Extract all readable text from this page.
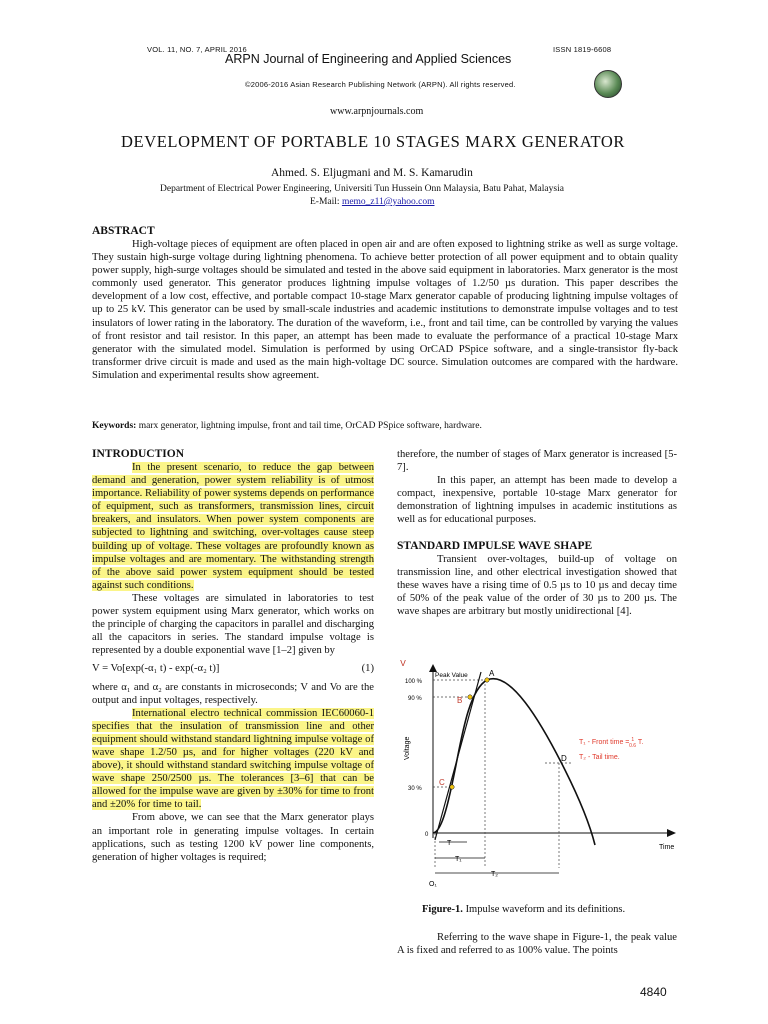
VOL. 11, NO. 7, APRIL 2016	ISSN 1819-6608
ARPN Journal of Engineering and Applied Sciences
©2006-2016 Asian Research Publishing Network (ARPN). All rights reserved.
www.arpnjournals.com
DEVELOPMENT OF PORTABLE 10 STAGES MARX GENERATOR
Ahmed. S. Eljugmani and M. S. Kamarudin
Department of Electrical Power Engineering, Universiti Tun Hussein Onn Malaysia, Batu Pahat, Malaysia
E-Mail: memo_z11@yahoo.com
ABSTRACT

High-voltage pieces of equipment are often placed in open air and are often exposed to lightning strike as well as surge voltage. They sustain high-surge voltage during lightning phenomena. To achieve better protection of all power equipment and to obtain quality power supply, high-surge voltages should be simulated and tested in the above said equipment in laboratories. Marx generator is the most commonly used generator. This generator produces lightning impulse voltages of 1.2/50 µs duration. This paper describes the development of a low cost, effective, and portable compact 10-stage Marx generator capable of producing lightning impulse voltages of up to 25 kV. This generator can be used by small-scale industries and academic institutions to demonstrate impulse voltages and to test insulators of lower rating in the laboratory. The duration of the waveform, i.e., front and tail time, can be controlled by varying the values of front resistor and tail resistor. In this paper, an attempt has been made to evaluate the performance of a practical 10-stage Marx generator with the simulated model. Simulation is performed by using OrCAD PSpice software, and a single-transistor fly-back transformer drive circuit is made and used as the main high-voltage DC source. Simulation outcomes are compared with the hardware. Simulation and experimental results show agreement.

Keywords: marx generator, lightning impulse, front and tail time, OrCAD PSpice software, hardware.
INTRODUCTION

In the present scenario, to reduce the gap between demand and generation, power system reliability is of utmost importance. Reliability of power systems depends on performance of equipment, such as transformers, transmission lines, circuit breakers, and insulators. When power system components are subjected to lightning and switching, over-voltages cause steep building up of voltage. These voltages are profoundly known as impulse voltages and are momentary. The withstanding strength of the above said power system equipment should be tested against such conditions.

These voltages are simulated in laboratories to test power system equipment using Marx generator, which works on the principle of charging the capacitors in parallel and discharging all the capacitors in series. The standard impulse voltage is represented by a double exponential wave [1–2] given by

V = Vo[exp(-α₁ t) - exp(-α₂ t)]	(1)

where α₁ and α₂ are constants in microseconds; V and Vo are the output and input voltages, respectively.

International electro technical commission IEC60060-1 specifies that the insulation of transmission line and other equipment should withstand standard lightning impulse voltage of wave shape 1.2/50 µs, and for higher voltages (220 kV and above), it should withstand standard switching impulse voltage of wave shape 250/2500 µs. The tolerances [3–6] that can be allowed for the impulse wave are given by ±30% for time to front and ±20% for time to tail.

From above, we can see that the Marx generator plays an important role in generating impulse voltages. In certain applications, such as testing 1200 kV power line components, generation of higher voltages is required;

therefore, the number of stages of Marx generator is increased [5-7].

In this paper, an attempt has been made to develop a compact, inexpensive, portable 10-stage Marx generator for demonstration of lightning impulses in academic institutions as well as for educational purposes.

STANDARD IMPULSE WAVE SHAPE

Transient over-voltages, build-up of voltage on transmission line, and other electrical investigation showed that these waves have a rising time of 0.5 µs to 10 µs and decay time of 50% of the peak value of the order of 30 µs to 200 µs. The wave shapes are arbitrary but mostly unidirectional [4].

V
Voltage
Time
100 %
90 %
30 %
0
Peak Value	A
B
C
D
T
T₁
T₂
O₁
T₁ - Front time = $^1$ 0.6 T.
T₂ - Tail time.
Figure-1. Impulse waveform and its definitions.

Referring to the wave shape in Figure-1, the peak value A is fixed and referred to as 100% value. The points

4840
